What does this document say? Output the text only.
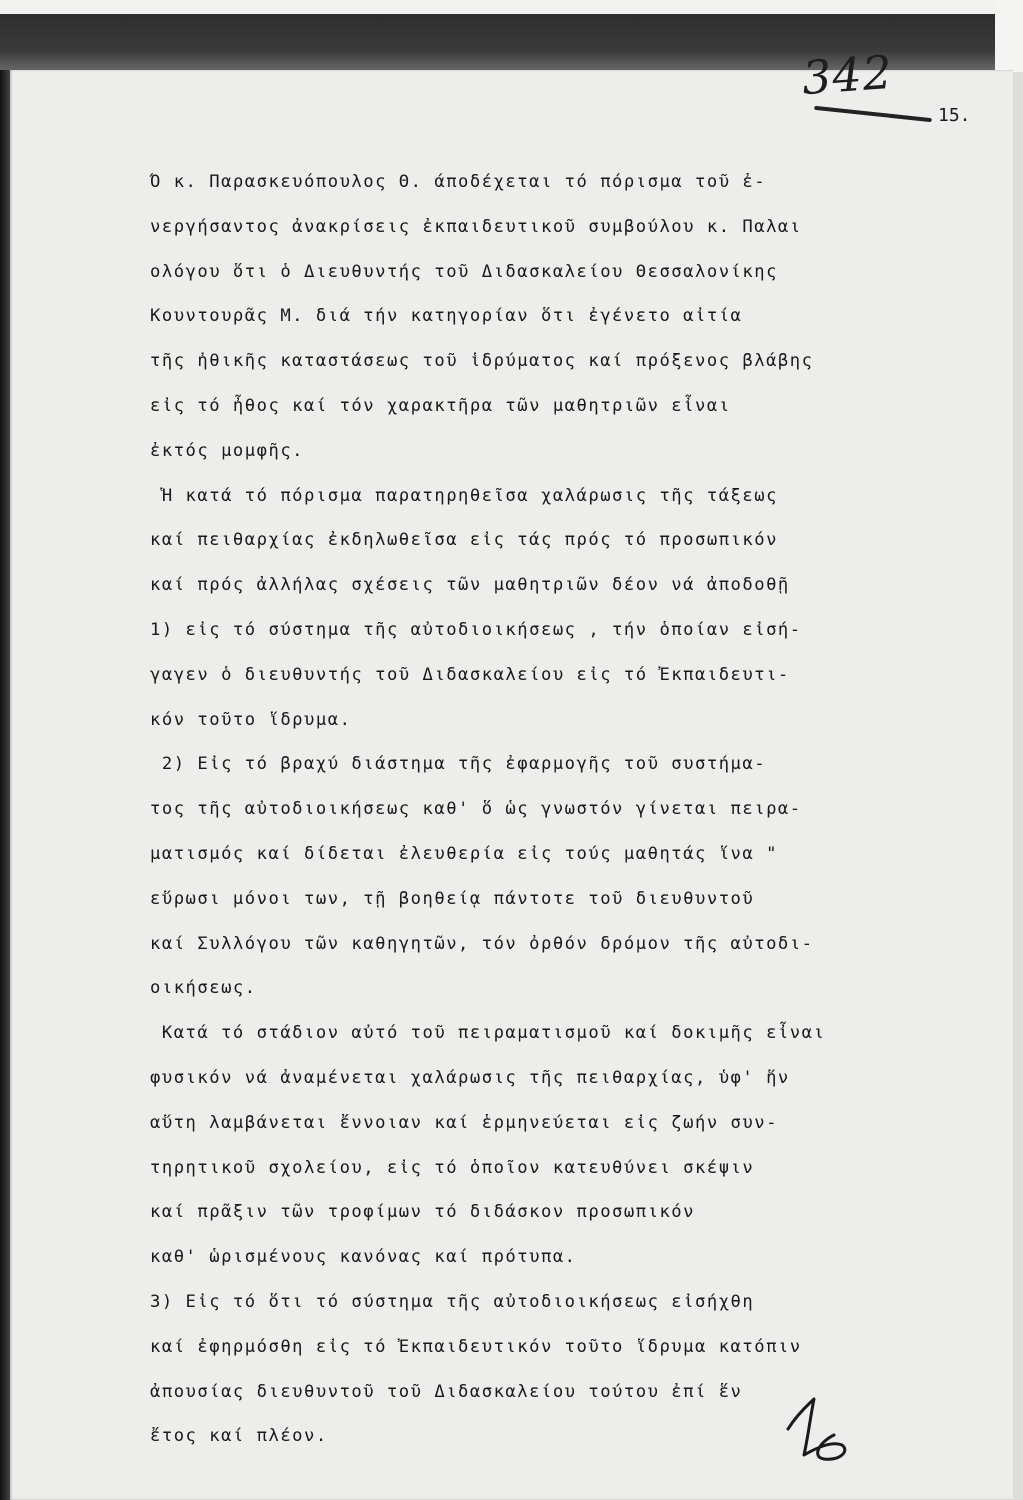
342
15.
Ό κ. Παρασκευόπουλος Θ. άποδέχεται τό πόρισμα τοῦ ἐ-
νεργήσαντος ἀνακρίσεις ἐκπαιδευτικοῦ συμβούλου κ. Παλαι
ολόγου ὅτι ὁ Διευθυντής τοῦ Διδασκαλείου Θεσσαλονίκης
Κουντουρᾶς Μ. διά τήν κατηγορίαν ὅτι ἐγένετο αἰτία
τῆς ἠθικῆς καταστάσεως τοῦ ἱδρύματος καί πρόξενος βλάβης
εἰς τό ἦθος καί τόν χαρακτῆρα τῶν μαθητριῶν εἶναι
ἐκτός μομφῆς.
Ἡ κατά τό πόρισμα παρατηρηθεῖσα χαλάρωσις τῆς τάξεως
καί πειθαρχίας ἐκδηλωθεῖσα εἰς τάς πρός τό προσωπικόν
καί πρός ἀλλήλας σχέσεις τῶν μαθητριῶν δέον νά ἀποδοθῇ
1) εἰς τό σύστημα τῆς αὐτοδιοικήσεως , τήν ὁποίαν εἰσή-
γαγεν ὁ διευθυντής τοῦ Διδασκαλείου εἰς τό Ἐκπαιδευτι-
κόν τοῦτο ἵδρυμα.
2) Εἰς τό βραχύ διάστημα τῆς ἐφαρμογῆς τοῦ συστήμα-
τος τῆς αὐτοδιοικήσεως καθ' ὅ ὡς γνωστόν γίνεται πειρα-
ματισμός καί δίδεται ἐλευθερία εἰς τούς μαθητάς ἵνα "
εὕρωσι μόνοι των, τῇ βοηθείᾳ πάντοτε τοῦ διευθυντοῦ
καί Συλλόγου τῶν καθηγητῶν, τόν ὀρθόν δρόμον τῆς αὐτοδι-
οικήσεως.
Κατά τό στάδιον αὐτό τοῦ πειραματισμοῦ καί δοκιμῆς εἶναι
φυσικόν νά ἀναμένεται χαλάρωσις τῆς πειθαρχίας, ὑφ' ἥν
αὕτη λαμβάνεται ἔννοιαν καί ἑρμηνεύεται εἰς ζωήν συν-
τηρητικοῦ σχολείου, εἰς τό ὁποῖον κατευθύνει σκέψιν
καί πρᾶξιν τῶν τροφίμων τό διδάσκον προσωπικόν
καθ' ὡρισμένους κανόνας καί πρότυπα.
3) Εἰς τό ὅτι τό σύστημα τῆς αὐτοδιοικήσεως εἰσήχθη
καί ἐφηρμόσθη εἰς τό Ἐκπαιδευτικόν τοῦτο ἵδρυμα κατόπιν
ἀπουσίας διευθυντοῦ τοῦ Διδασκαλείου τούτου ἐπί ἕν
ἔτος καί πλέον.
